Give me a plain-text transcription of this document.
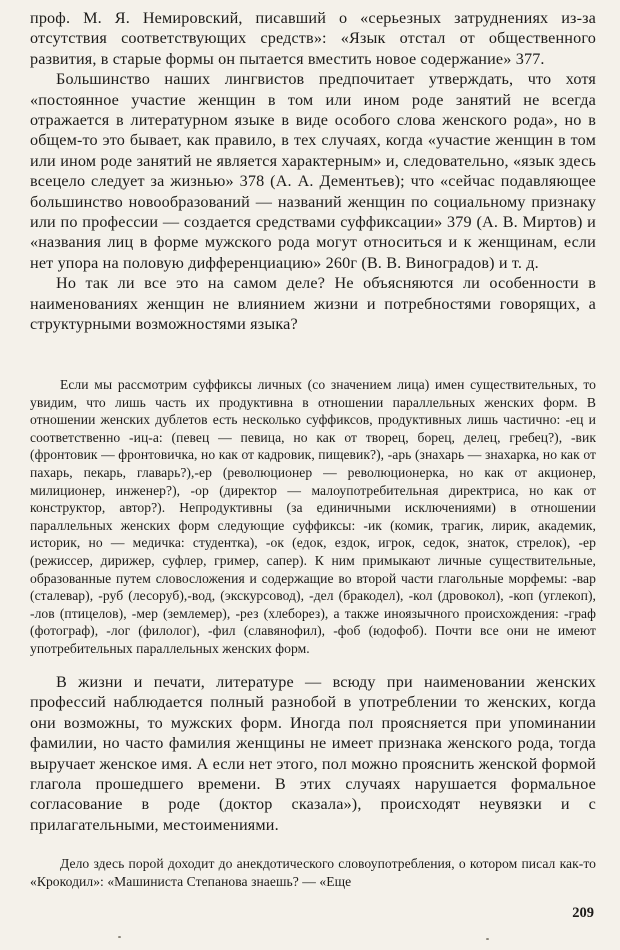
проф. М. Я. Немировский, писавший о «серьезных затруднениях из-за отсутствия соответствующих средств»: «Язык отстал от общественного развития, в старые формы он пытается вместить новое содержание» 377.

Большинство наших лингвистов предпочитает утверждать, что хотя «постоянное участие женщин в том или ином роде занятий не всегда отражается в литературном языке в виде особого слова женского рода», но в общем-то это бывает, как правило, в тех случаях, когда «участие женщин в том или ином роде занятий не является характерным» и, следовательно, «язык здесь всецело следует за жизнью» 378 (А. А. Дементьев); что «сейчас подавляющее большинство новообразований — названий женщин по социальному признаку или по профессии — создается средствами суффиксации» 379 (А. В. Миртов) и «названия лиц в форме мужского рода могут относиться и к женщинам, если нет упора на половую дифференциацию» 260г (В. В. Виноградов) и т. д.

Но так ли все это на самом деле? Не объясняются ли особенности в наименованиях женщин не влиянием жизни и потребностями говорящих, а структурными возможностями языка?

Если мы рассмотрим суффиксы личных (со значением лица) имен существительных, то увидим, что лишь часть их продуктивна в отношении параллельных женских форм. В отношении женских дублетов есть несколько суффиксов, продуктивных лишь частично: -ец и соответственно -иц-а: (певец — певица, но как от творец, борец, делец, гребец?), -вик (фронтовик — фронтовичка, но как от кадровик, пищевик?), -арь (знахарь — знахарка, но как от пахарь, пекарь, главарь?),-ер (революционер — революционерка, но как от акционер, милиционер, инженер?), -ор (директор — малоупотребительная директриса, но как от конструктор, автор?). Непродуктивны (за единичными исключениями) в отношении параллельных женских форм следующие суффиксы: -ик (комик, трагик, лирик, академик, историк, но — медичка: студентка), -ок (едок, ездок, игрок, седок, знаток, стрелок), -ер (режиссер, дирижер, суфлер, гример, сапер). К ним примыкают личные существительные, образованные путем словосложения и содержащие во второй части глагольные морфемы: -вар (сталевар), -руб (лесоруб),-вод, (экскурсовод), -дел (бракодел), -кол (дровокол), -коп (углекоп), -лов (птицелов), -мер (землемер), -рез (хлеборез), а также иноязычного происхождения: -граф (фотограф), -лог (филолог), -фил (славянофил), -фоб (юдофоб). Почти все они не имеют употребительных параллельных женских форм.

В жизни и печати, литературе — всюду при наименовании женских профессий наблюдается полный разнобой в употреблении то женских, когда они возможны, то мужских форм. Иногда пол проясняется при упоминании фамилии, но часто фамилия женщины не имеет признака женского рода, тогда выручает женское имя. А если нет этого, пол можно прояснить женской формой глагола прошедшего времени. В этих случаях нарушается формальное согласование в роде (доктор сказала»), происходят неувязки и с прилагательными, местоимениями.

Дело здесь порой доходит до анекдотического словоупотребления, о котором писал как-то «Крокодил»: «Машиниста Степанова знаешь? — «Еще

209
